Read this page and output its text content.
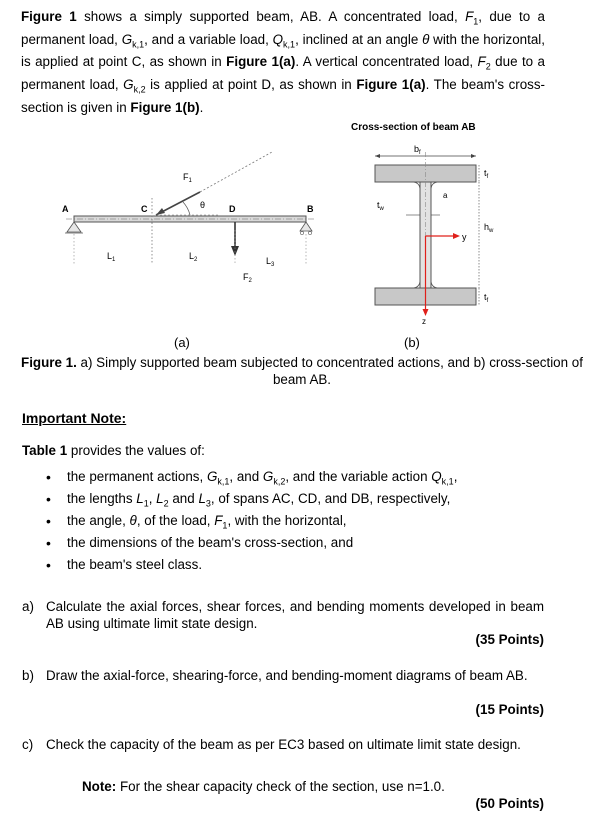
Figure 1 shows a simply supported beam, AB. A concentrated load, $F_1$, due to a permanent load, $G_{k,1}$, and a variable load, $Q_{k,1}$, inclined at an angle θ with the horizontal, is applied at point C, as shown in Figure 1(a). A vertical concentrated load, $F_2$ due to a permanent load, $G_{k,2}$ is applied at point D, as shown in Figure 1(a). The beam's cross-section is given in Figure 1(b).
A	C	D	B
θ
$F_1$
$F_2$
$L_1$	$L_2$	$L_3$
Cross-section of beam AB
$b_f$
$t_f$
$t_w$
a
$h_w$
$t_f$
y
z
(a)	(b)
Figure 1. a) Simply supported beam subjected to concentrated actions, and b) cross-section of beam AB.
Important Note:
Table 1 provides the values of:
• the permanent actions, $G_{k,1}$, and $G_{k,2}$, and the variable action $Q_{k,1}$,
• the lengths $L_1$, $L_2$ and $L_3$, of spans AC, CD, and DB, respectively,
• the angle, θ, of the load, $F_1$, with the horizontal,
• the dimensions of the beam's cross-section, and
• the beam's steel class.
a) Calculate the axial forces, shear forces, and bending moments developed in beam AB using ultimate limit state design.
(35 Points)
b) Draw the axial-force, shearing-force, and bending-moment diagrams of beam AB.
(15 Points)
c) Check the capacity of the beam as per EC3 based on ultimate limit state design.
Note: For the shear capacity check of the section, use n=1.0.
(50 Points)
